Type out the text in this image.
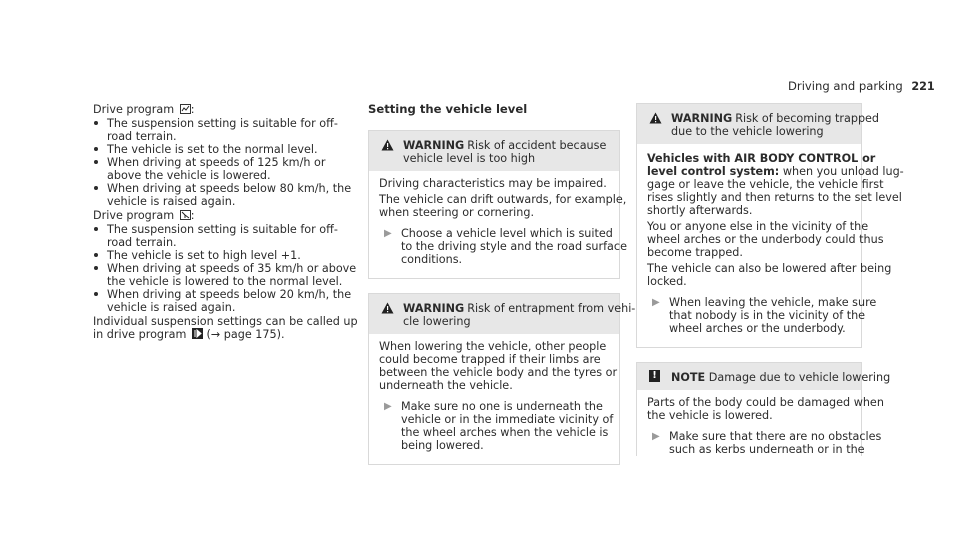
Driving and parking 221
Drive program :
The suspension setting is suitable for off-
road terrain.
The vehicle is set to the normal level.
When driving at speeds of 125 km/h or
above the vehicle is lowered.
When driving at speeds below 80 km/h, the
vehicle is raised again.
Drive program :
The suspension setting is suitable for off-
road terrain.
The vehicle is set to high level +1.
When driving at speeds of 35 km/h or above
the vehicle is lowered to the normal level.
When driving at speeds below 20 km/h, the
vehicle is raised again.
Individual suspension settings can be called up
in drive program (→ page 175).
Setting the vehicle level
WARNING Risk of accident because
vehicle level is too high

Driving characteristics may be impaired.

The vehicle can drift outwards, for example,
when steering or cornering.
▶ Choose a vehicle level which is suited
to the driving style and the road surface
conditions.
WARNING Risk of entrapment from vehi-
cle lowering
When lowering the vehicle, other people
could become trapped if their limbs are
between the vehicle body and the tyres or
underneath the vehicle.
▶ Make sure no one is underneath the
vehicle or in the immediate vicinity of
the wheel arches when the vehicle is
being lowered.
WARNING Risk of becoming trapped
due to the vehicle lowering
Vehicles with AIR BODY CONTROL or
level control system: when you unload lug-
gage or leave the vehicle, the vehicle first
rises slightly and then returns to the set level
shortly afterwards.
You or anyone else in the vicinity of the
wheel arches or the underbody could thus
become trapped.
The vehicle can also be lowered after being
locked.
▶ When leaving the vehicle, make sure
that nobody is in the vicinity of the
wheel arches or the underbody.
! NOTE Damage due to vehicle lowering
Parts of the body could be damaged when
the vehicle is lowered.
▶ Make sure that there are no obstacles
such as kerbs underneath or in the
